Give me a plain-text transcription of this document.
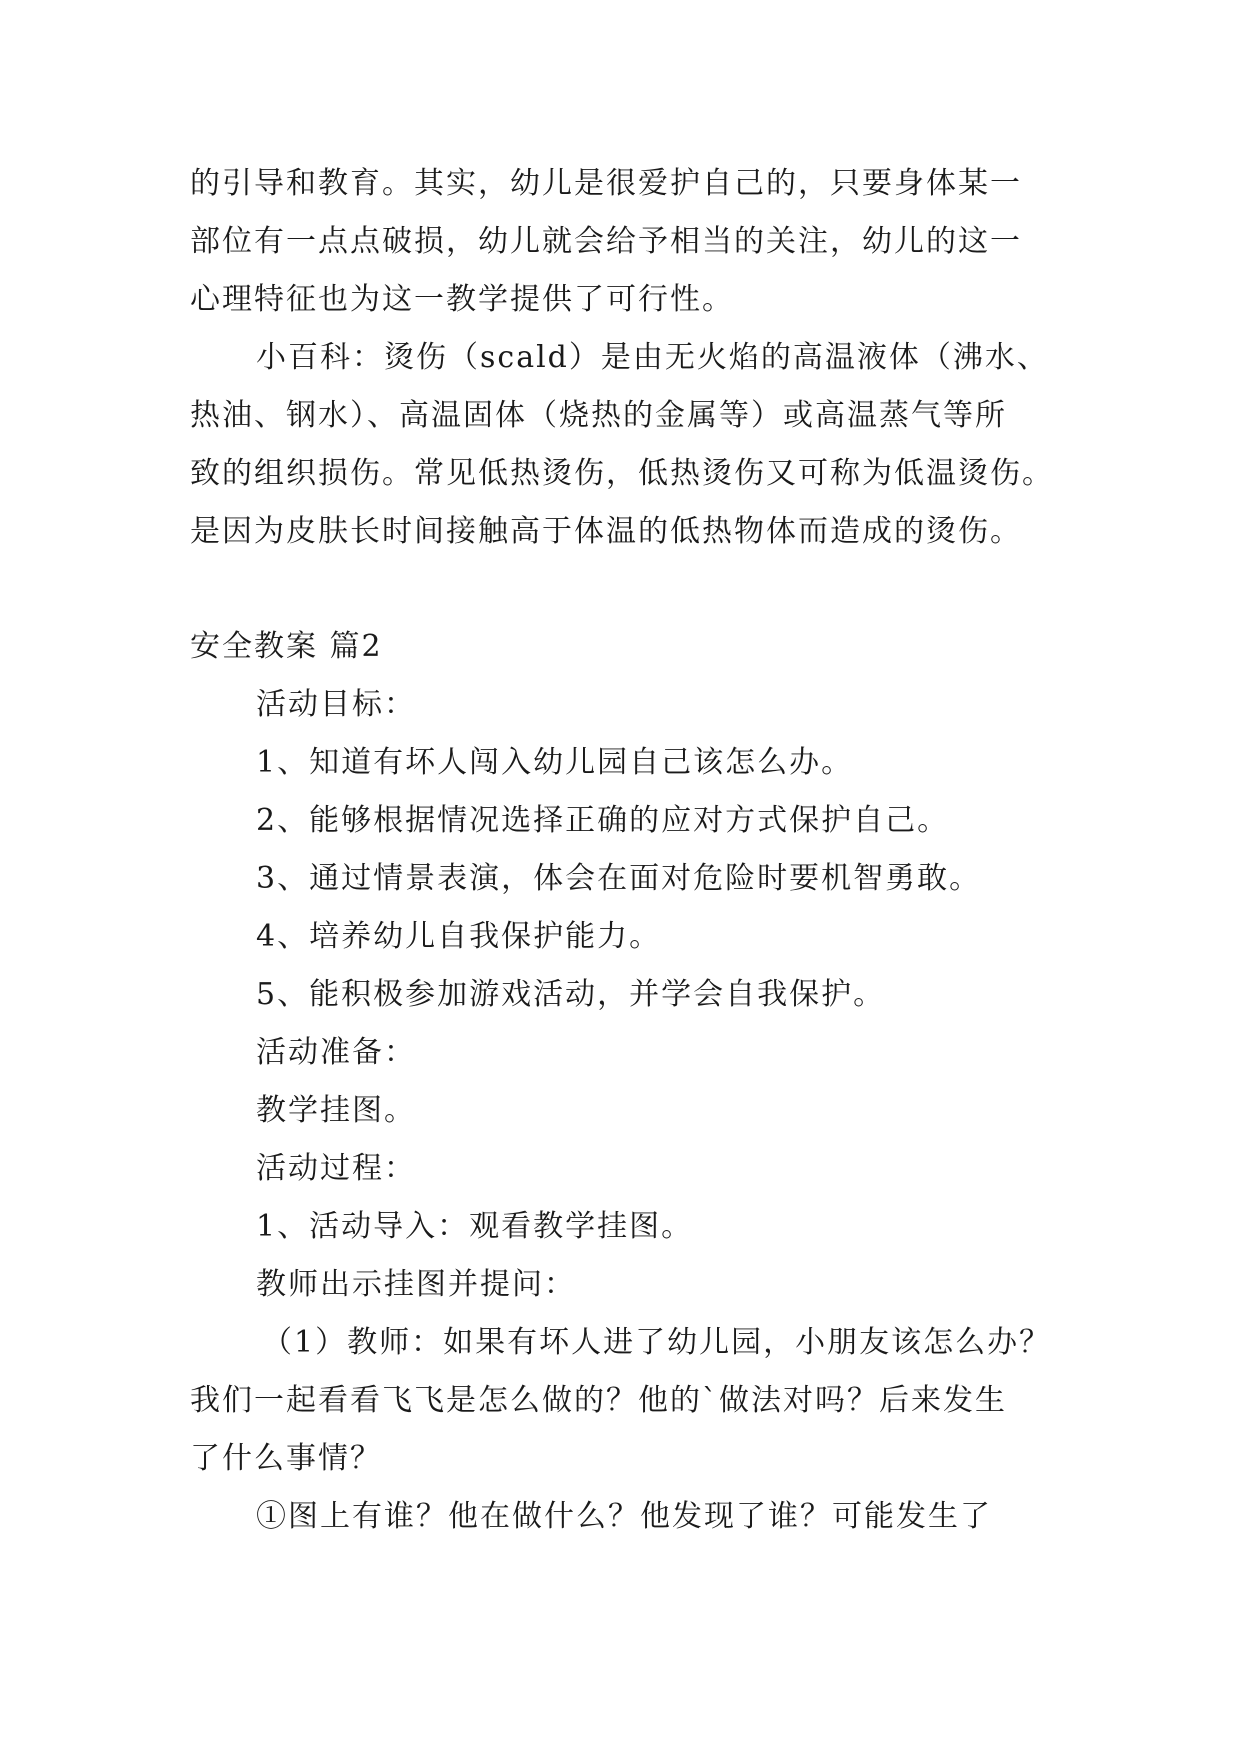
的引导和教育。其实，幼儿是很爱护自己的，只要身体某一
部位有一点点破损，幼儿就会给予相当的关注，幼儿的这一
心理特征也为这一教学提供了可行性。
小百科：烫伤（scald）是由无火焰的高温液体（沸水、
热油、钢水）、高温固体（烧热的金属等）或高温蒸气等所
致的组织损伤。常见低热烫伤，低热烫伤又可称为低温烫伤。
是因为皮肤长时间接触高于体温的低热物体而造成的烫伤。
安全教案 篇2
活动目标：
1、知道有坏人闯入幼儿园自己该怎么办。
2、能够根据情况选择正确的应对方式保护自己。
3、通过情景表演，体会在面对危险时要机智勇敢。
4、培养幼儿自我保护能力。
5、能积极参加游戏活动，并学会自我保护。
活动准备：
教学挂图。
活动过程：
1、活动导入：观看教学挂图。
教师出示挂图并提问：
（1）教师：如果有坏人进了幼儿园，小朋友该怎么办？
我们一起看看飞飞是怎么做的？他的`做法对吗？后来发生
了什么事情？
①图上有谁？他在做什么？他发现了谁？可能发生了
